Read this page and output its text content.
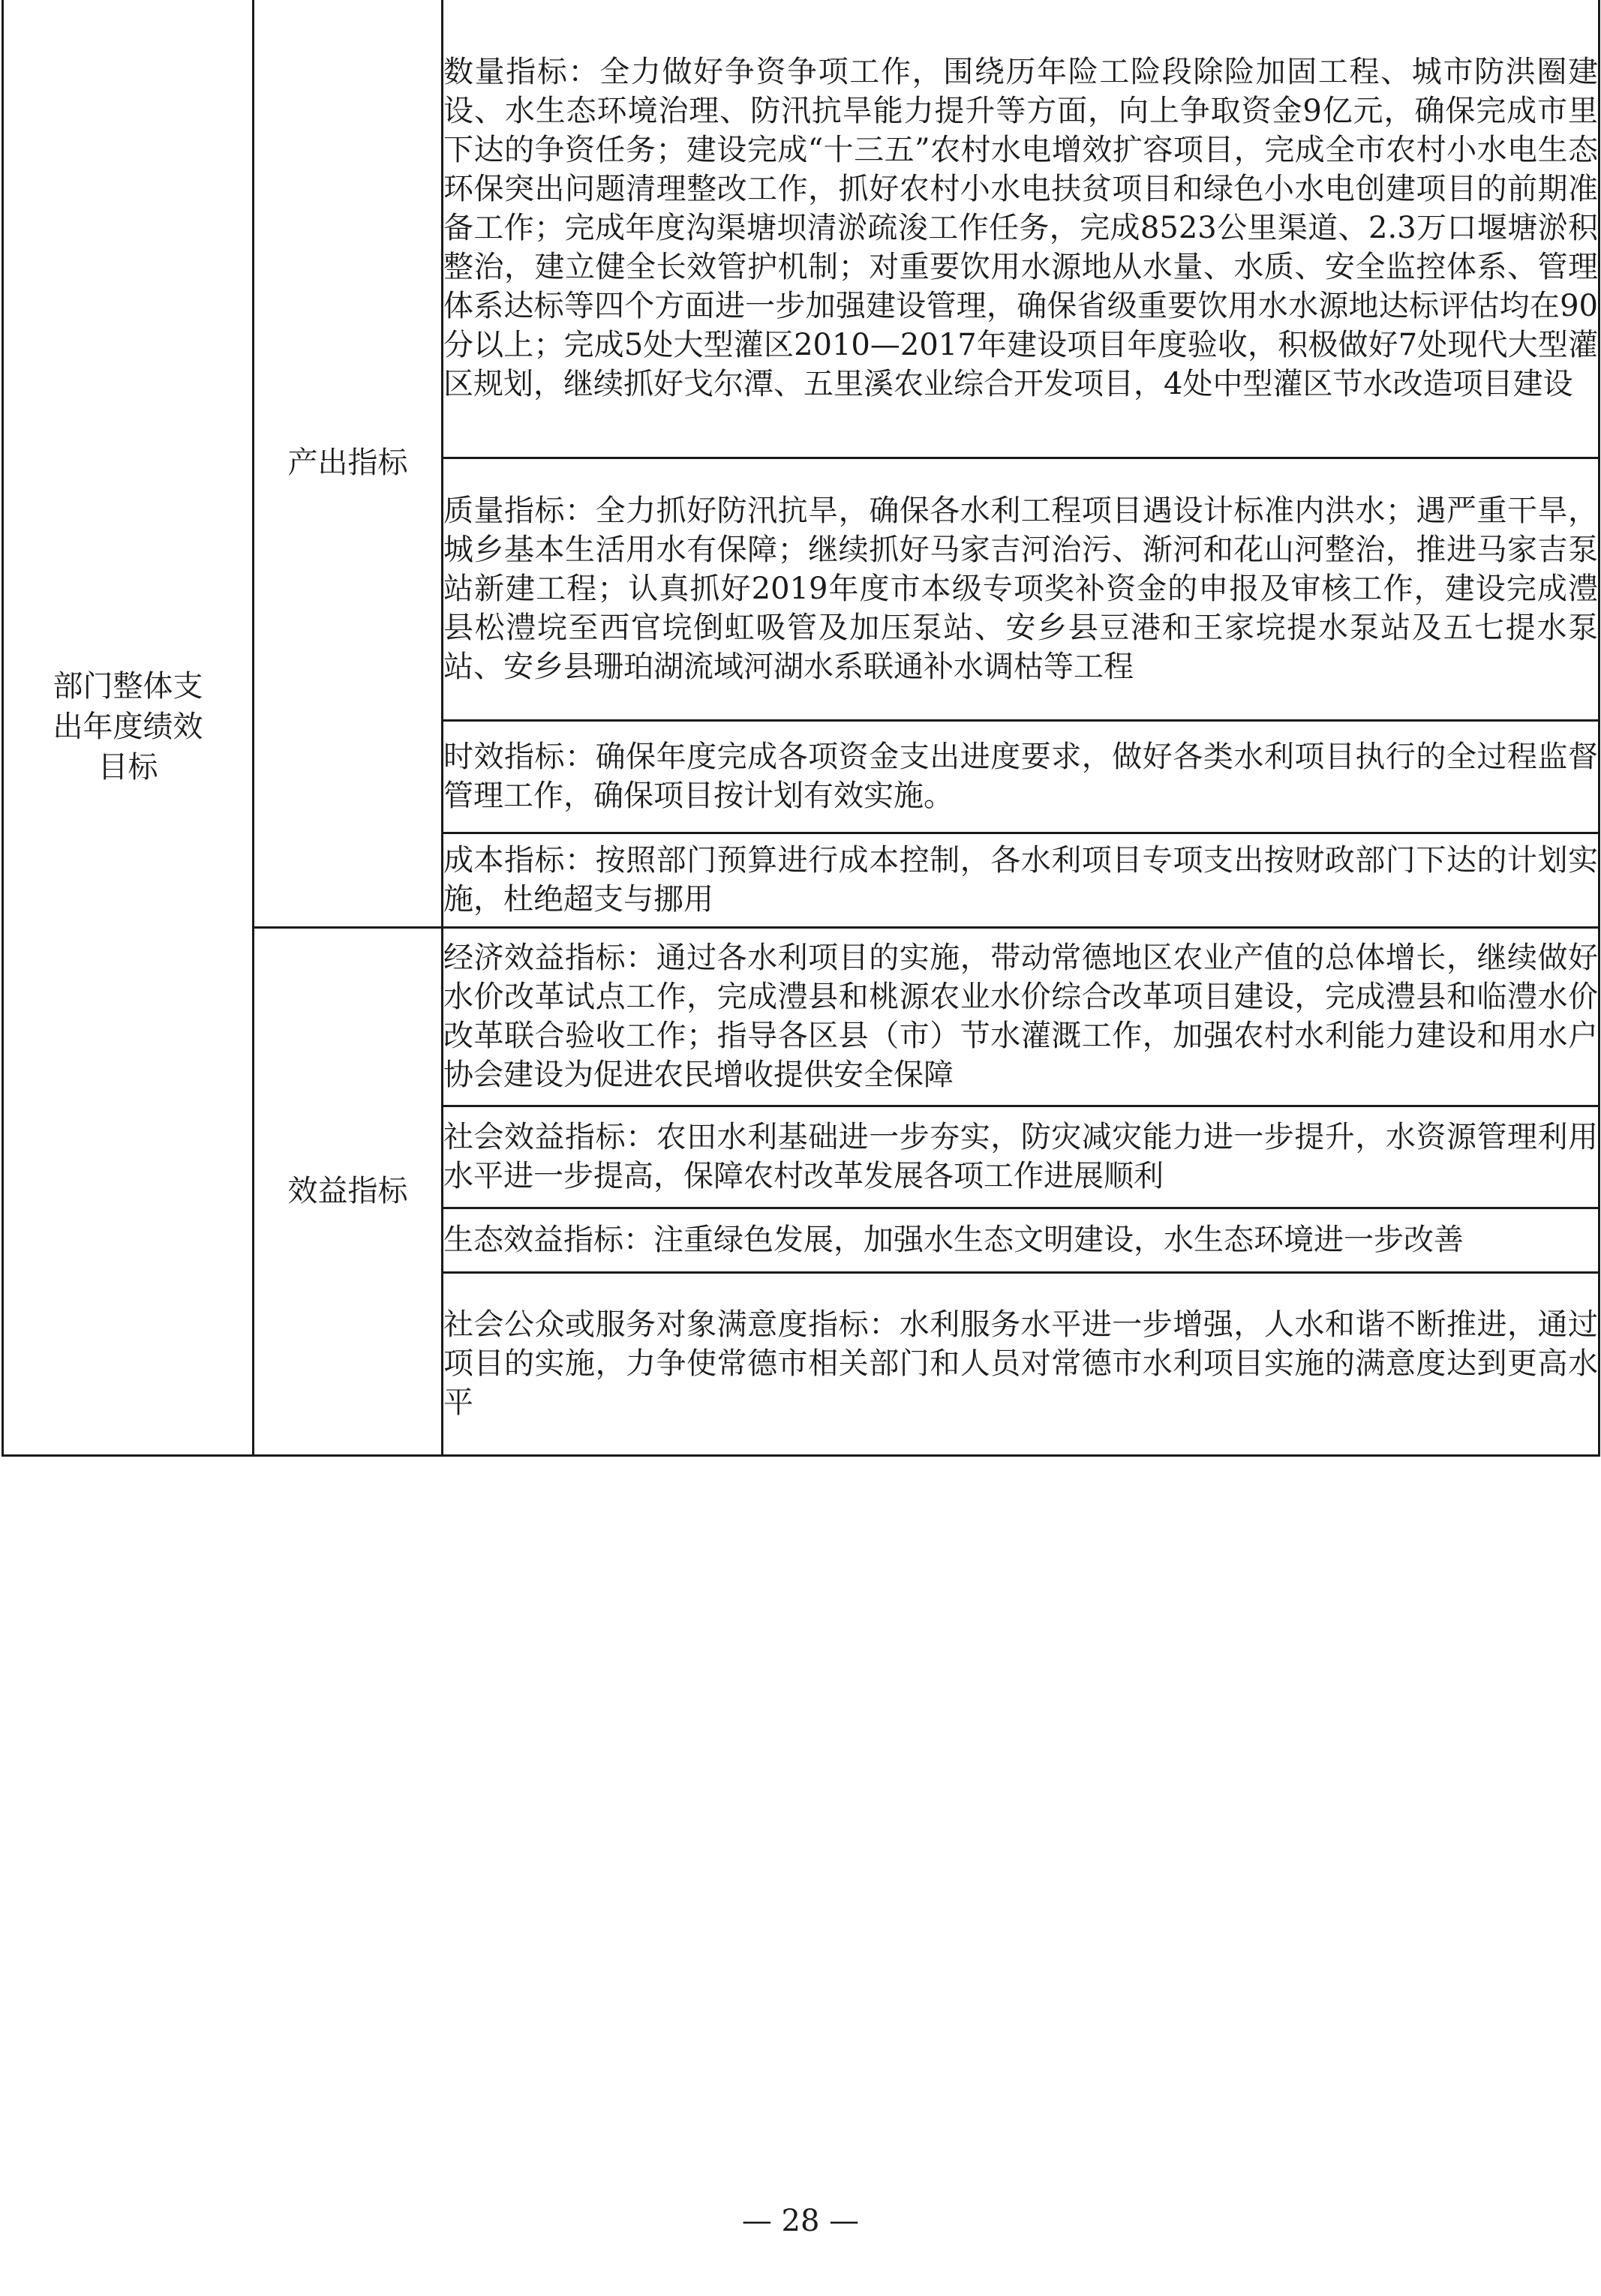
部门整体支出年度绩效目标	产出指标	数量指标：全力做好争资争项工作，围绕历年险工险段除险加固工程、城市防洪圈建设、水生态环境治理、防汛抗旱能力提升等方面，向上争取资金9亿元，确保完成市里下达的争资任务；建设完成“十三五”农村水电增效扩容项目，完成全市农村小水电生态环保突出问题清理整改工作，抓好农村小水电扶贫项目和绿色小水电创建项目的前期准备工作；完成年度沟渠塘坝清淤疏浚工作任务，完成8523公里渠道、2.3万口堰塘淤积整治，建立健全长效管护机制；对重要饮用水源地从水量、水质、安全监控体系、管理体系达标等四个方面进一步加强建设管理，确保省级重要饮用水水源地达标评估均在90分以上；完成5处大型灌区2010—2017年建设项目年度验收，积极做好7处现代大型灌区规划，继续抓好戈尔潭、五里溪农业综合开发项目，4处中型灌区节水改造项目建设
		质量指标：全力抓好防汛抗旱，确保各水利工程项目遇设计标准内洪水；遇严重干旱，城乡基本生活用水有保障；继续抓好马家吉河治污、渐河和花山河整治，推进马家吉泵站新建工程；认真抓好2019年度市本级专项奖补资金的申报及审核工作，建设完成澧县松澧垸至西官垸倒虹吸管及加压泵站、安乡县豆港和王家垸提水泵站及五七提水泵站、安乡县珊珀湖流域河湖水系联通补水调枯等工程
		时效指标：确保年度完成各项资金支出进度要求，做好各类水利项目执行的全过程监督管理工作，确保项目按计划有效实施。
		成本指标：按照部门预算进行成本控制，各水利项目专项支出按财政部门下达的计划实施，杜绝超支与挪用

	效益指标	经济效益指标：通过各水利项目的实施，带动常德地区农业产值的总体增长，继续做好水价改革试点工作，完成澧县和桃源农业水价综合改革项目建设，完成澧县和临澧水价改革联合验收工作；指导各区县（市）节水灌溉工作，加强农村水利能力建设和用水户协会建设为促进农民增收提供安全保障
		社会效益指标：农田水利基础进一步夯实，防灾减灾能力进一步提升，水资源管理利用水平进一步提高，保障农村改革发展各项工作进展顺利
		生态效益指标：注重绿色发展，加强水生态文明建设，水生态环境进一步改善
		社会公众或服务对象满意度指标：水利服务水平进一步增强，人水和谐不断推进，通过项目的实施，力争使常德市相关部门和人员对常德市水利项目实施的满意度达到更高水平
— 28 —
